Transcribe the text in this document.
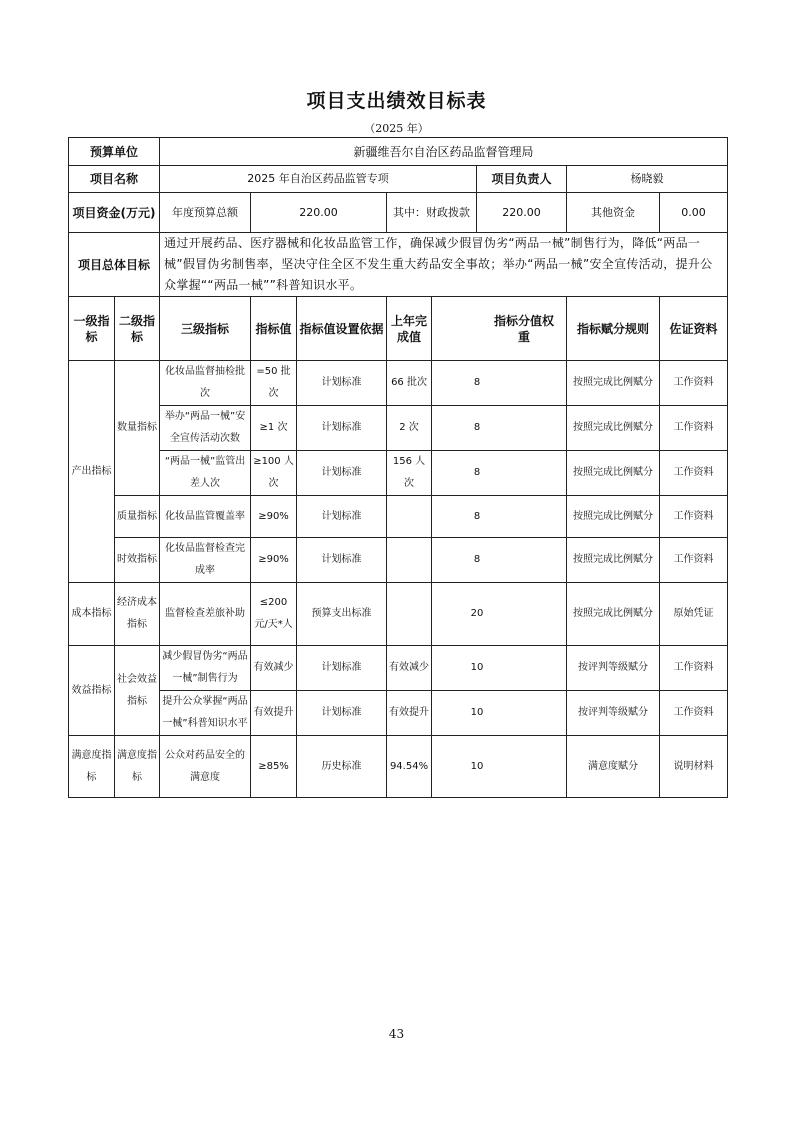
项目支出绩效目标表
（2025 年）
预算单位		新疆维吾尔自治区药品监督管理局							
项目名称		2025 年自治区药品监管专项					项目负责人	杨晓毅	
项目资金(万元)		年度预算总额	220.00		其中：财政拨款		220.00	其他资金	0.00
项目总体目标		通过开展药品、医疗器械和化妆品监管工作，确保减少假冒伪劣“两品一械”制售行为，降低“两品一械”假冒伪劣制售率，坚决守住全区不发生重大药品安全事故；举办“两品一械”安全宣传活动，提升公众掌握““两品一械””科普知识水平。							
一级指标	二级指标	三级指标	指标值	指标值设置依据	上年完成值	指标分值权重		指标赋分规则	佐证资料
产出指标	数量指标	化妆品监督抽检批次	=50 批次	计划标准	66 批次	8		按照完成比例赋分	工作资料
		举办“两品一械”安全宣传活动次数	≥1 次	计划标准	2 次	8		按照完成比例赋分	工作资料
		“两品一械”监管出差人次	≥100 人次	计划标准	156 人次	8		按照完成比例赋分	工作资料
	质量指标	化妆品监管覆盖率	≥90%	计划标准		8		按照完成比例赋分	工作资料
	时效指标	化妆品监督检查完成率	≥90%	计划标准		8		按照完成比例赋分	工作资料
成本指标	经济成本指标	监督检查差旅补助	≤200 元/天*人	预算支出标准		20		按照完成比例赋分	原始凭证
效益指标	社会效益指标	减少假冒伪劣“两品一械”制售行为	有效减少	计划标准	有效减少	10		按评判等级赋分	工作资料
		提升公众掌握“两品一械”科普知识水平	有效提升	计划标准	有效提升	10		按评判等级赋分	工作资料
满意度指标	满意度指标	公众对药品安全的满意度	≥85%	历史标准	94.54%	10		满意度赋分	说明材料
43
